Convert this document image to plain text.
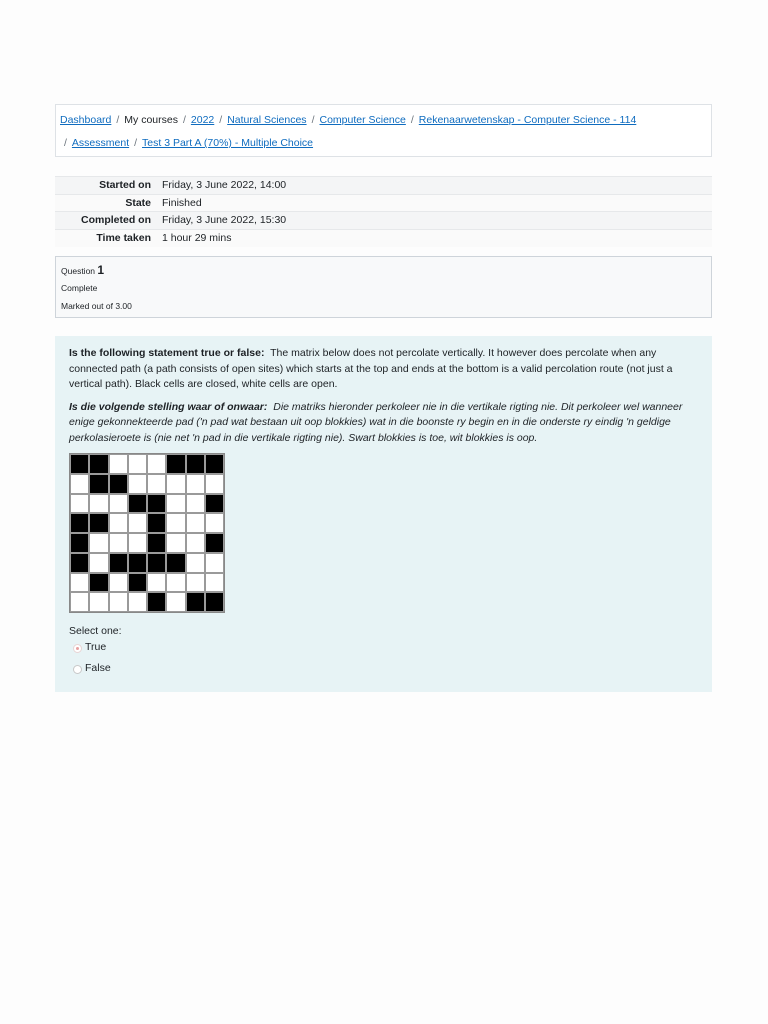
Dashboard / My courses / 2022 / Natural Sciences / Computer Science / Rekenaarwetenskap - Computer Science - 114
/ Assessment / Test 3 Part A (70%) - Multiple Choice
Started on	Friday, 3 June 2022, 14:00
State	Finished
Completed on	Friday, 3 June 2022, 15:30
Time taken	1 hour 29 mins
Question 1
Complete
Marked out of 3.00

Is the following statement true or false: The matrix below does not percolate vertically. It however does percolate when any connected path (a path consists of open sites) which starts at the top and ends at the bottom is a valid percolation route (not just a vertical path). Black cells are closed, white cells are open.

Is die volgende stelling waar of onwaar: Die matriks hieronder perkoleer nie in die vertikale rigting nie. Dit perkoleer wel wanneer enige gekonnekteerde pad ('n pad wat bestaan uit oop blokkies) wat in die boonste ry begin en in die onderste ry eindig 'n geldige perkolasieroete is (nie net 'n pad in die vertikale rigting nie). Swart blokkies is toe, wit blokkies is oop.

Select one:
True
False
